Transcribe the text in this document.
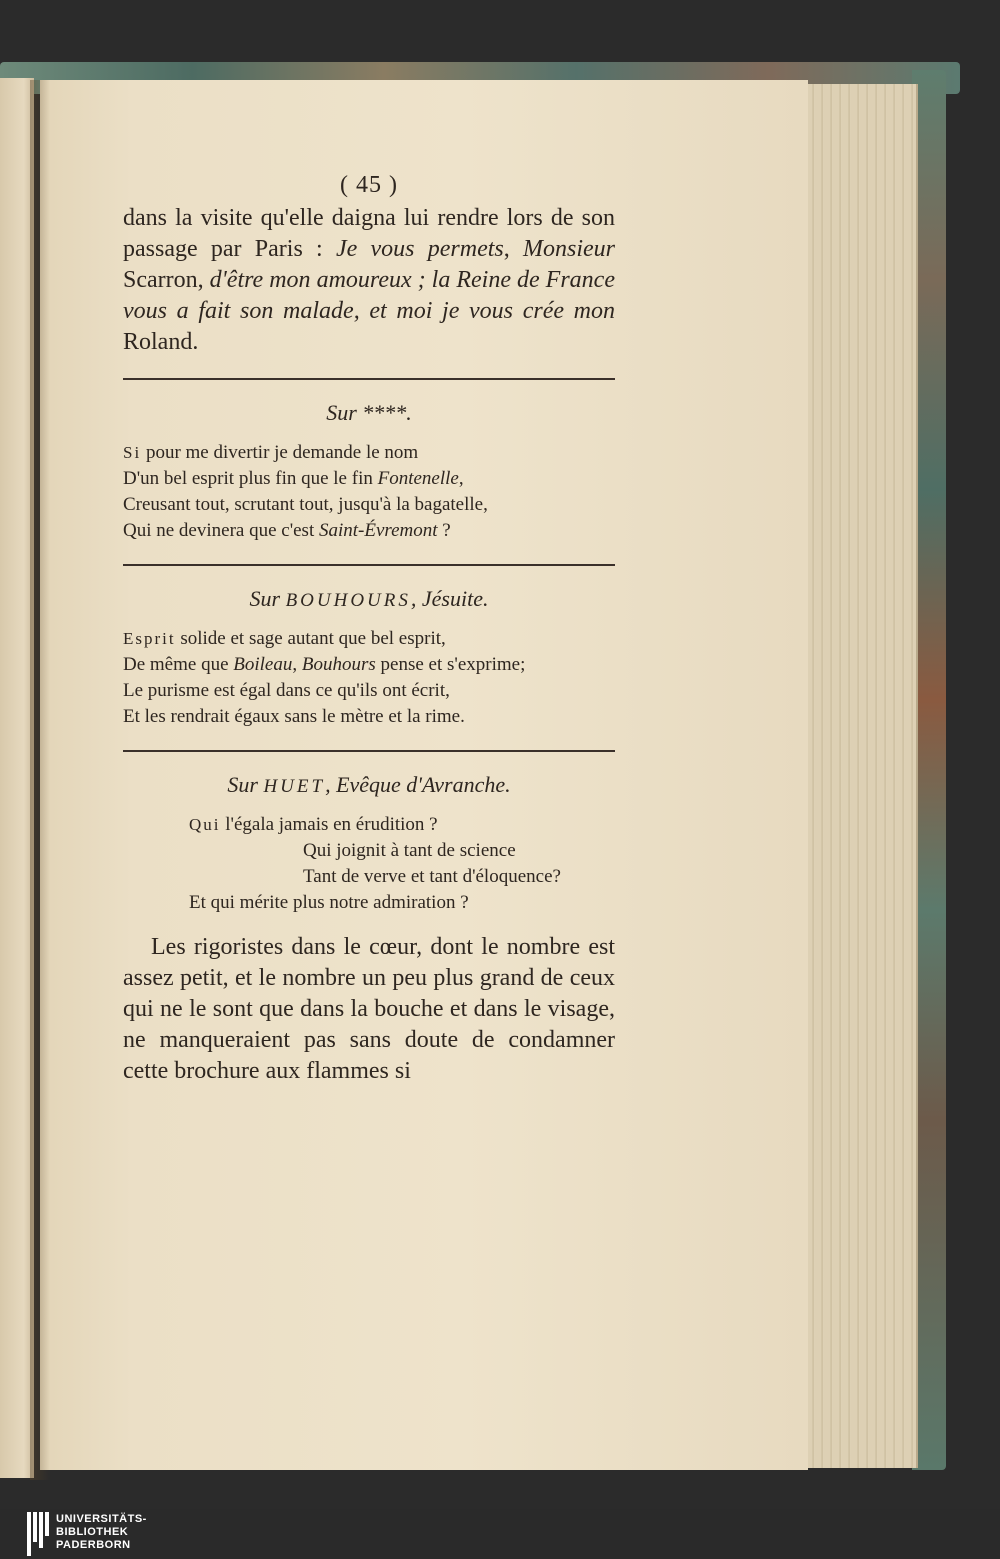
( 45 )

dans la visite qu'elle daigna lui rendre lors de son passage par Paris : Je vous permets, Monsieur Scarron, d'être mon amoureux ; la Reine de France vous a fait son malade, et moi je vous crée mon Roland.

Sur ****.

Si pour me divertir je demande le nom
D'un bel esprit plus fin que le fin Fontenelle,
Creusant tout, scrutant tout, jusqu'à la bagatelle,
Qui ne devinera que c'est Saint-Évremont ?

Sur BOUHOURS, Jésuite.

Esprit solide et sage autant que bel esprit,
De même que Boileau, Bouhours pense et s'exprime;
Le purisme est égal dans ce qu'ils ont écrit,
Et les rendrait égaux sans le mètre et la rime.

Sur HUET, Evêque d'Avranche.

Qui l'égala jamais en érudition ?
Qui joignit à tant de science
Tant de verve et tant d'éloquence?
Et qui mérite plus notre admiration ?

Les rigoristes dans le cœur, dont le nombre est assez petit, et le nombre un peu plus grand de ceux qui ne le sont que dans la bouche et dans le visage, ne manqueraient pas sans doute de condamner cette brochure aux flammes si

UNIVERSITÄTS-
BIBLIOTHEK
PADERBORN
